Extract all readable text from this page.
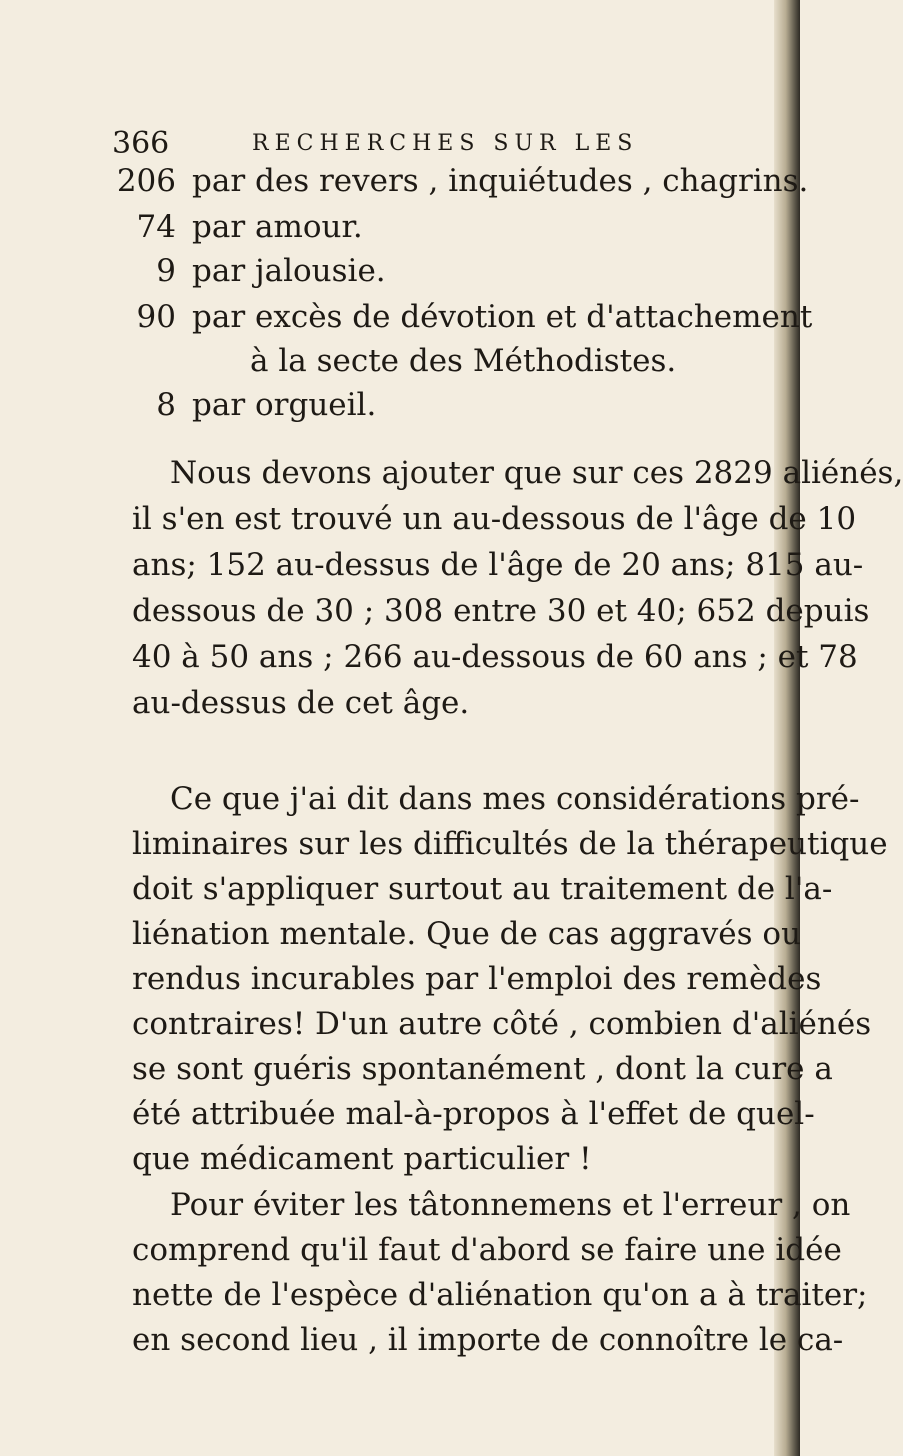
366	RECHERCHES SUR LES
206 par des revers , inquiétudes , chagrins.
74 par amour.
9 par jalousie.
90 par excès de dévotion et d'attachement
à la secte des Méthodistes.
8 par orgueil.
Nous devons ajouter que sur ces 2829 aliénés,
il s'en est trouvé un au-dessous de l'âge de 10
ans; 152 au-dessus de l'âge de 20 ans; 815 au-
dessous de 30 ; 308 entre 30 et 40; 652 depuis
40 à 50 ans ; 266 au-dessous de 60 ans ; et 78
au-dessus de cet âge.
Ce que j'ai dit dans mes considérations pré-
liminaires sur les difficultés de la thérapeutique
doit s'appliquer surtout au traitement de l'a-
liénation mentale. Que de cas aggravés ou
rendus incurables par l'emploi des remèdes
contraires! D'un autre côté , combien d'aliénés
se sont guéris spontanément , dont la cure a
été attribuée mal-à-propos à l'effet de quel-
que médicament particulier !
Pour éviter les tâtonnemens et l'erreur , on
comprend qu'il faut d'abord se faire une idée
nette de l'espèce d'aliénation qu'on a à traiter;
en second lieu , il importe de connoître le ca-
